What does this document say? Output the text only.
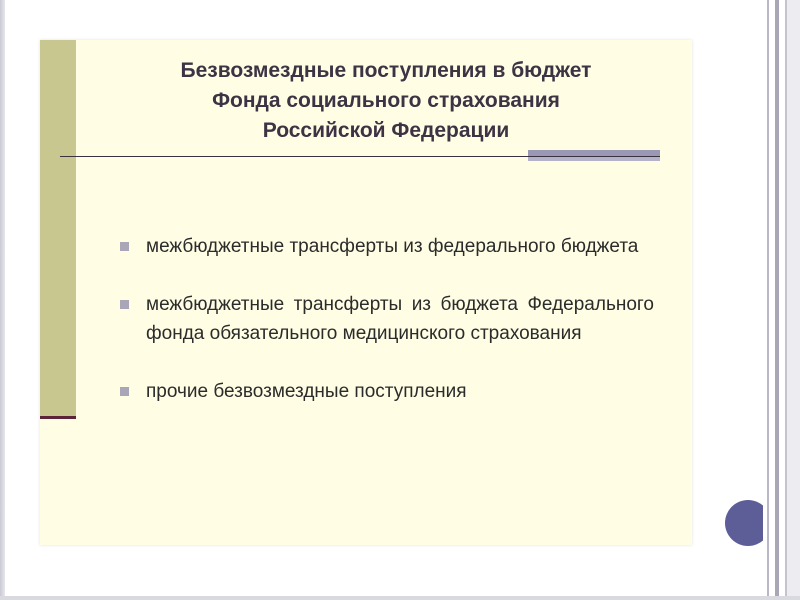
Безвозмездные поступления в бюджет
Фонда социального страхования
Российской Федерации
межбюджетные трансферты из федерального бюджета
межбюджетные трансферты из бюджета Федерального фонда обязательного медицинского страхования
прочие безвозмездные поступления
